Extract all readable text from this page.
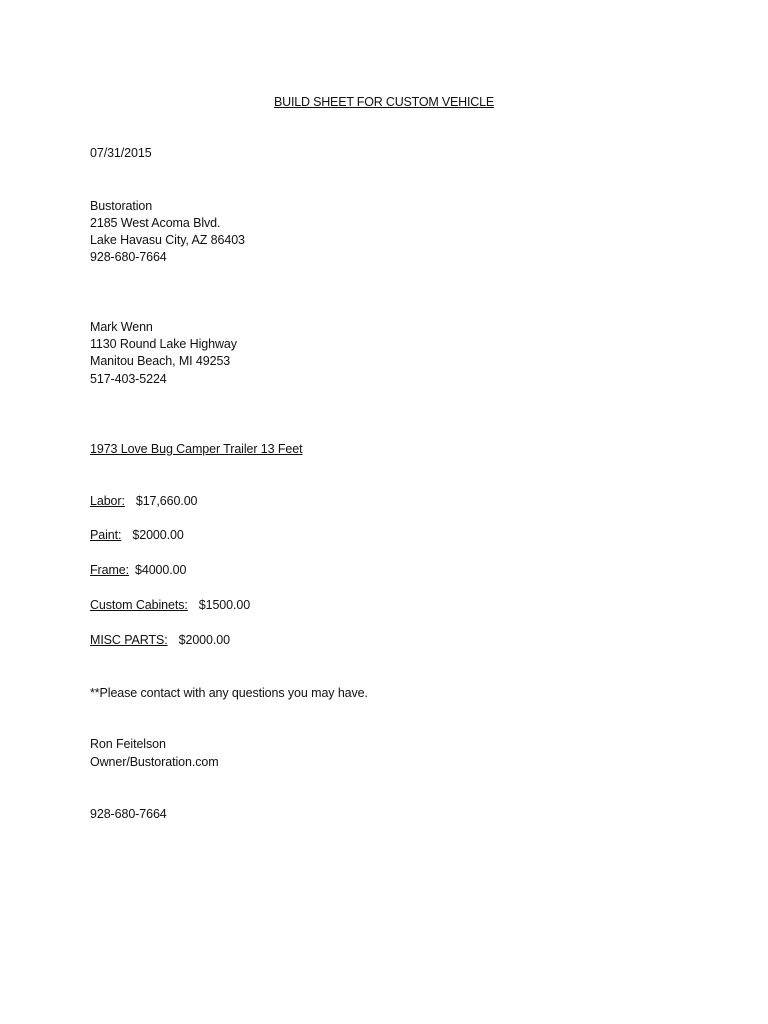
BUILD SHEET FOR CUSTOM VEHICLE
07/31/2015
Bustoration
2185 West Acoma Blvd.
Lake Havasu City, AZ 86403
928-680-7664
Mark Wenn
1130 Round Lake Highway
Manitou Beach, MI 49253
517-403-5224
1973 Love Bug Camper Trailer 13 Feet
Labor: $17,660.00
Paint: $2000.00
Frame: $4000.00
Custom Cabinets: $1500.00
MISC PARTS: $2000.00
**Please contact with any questions you may have.
Ron Feitelson
Owner/Bustoration.com
928-680-7664
